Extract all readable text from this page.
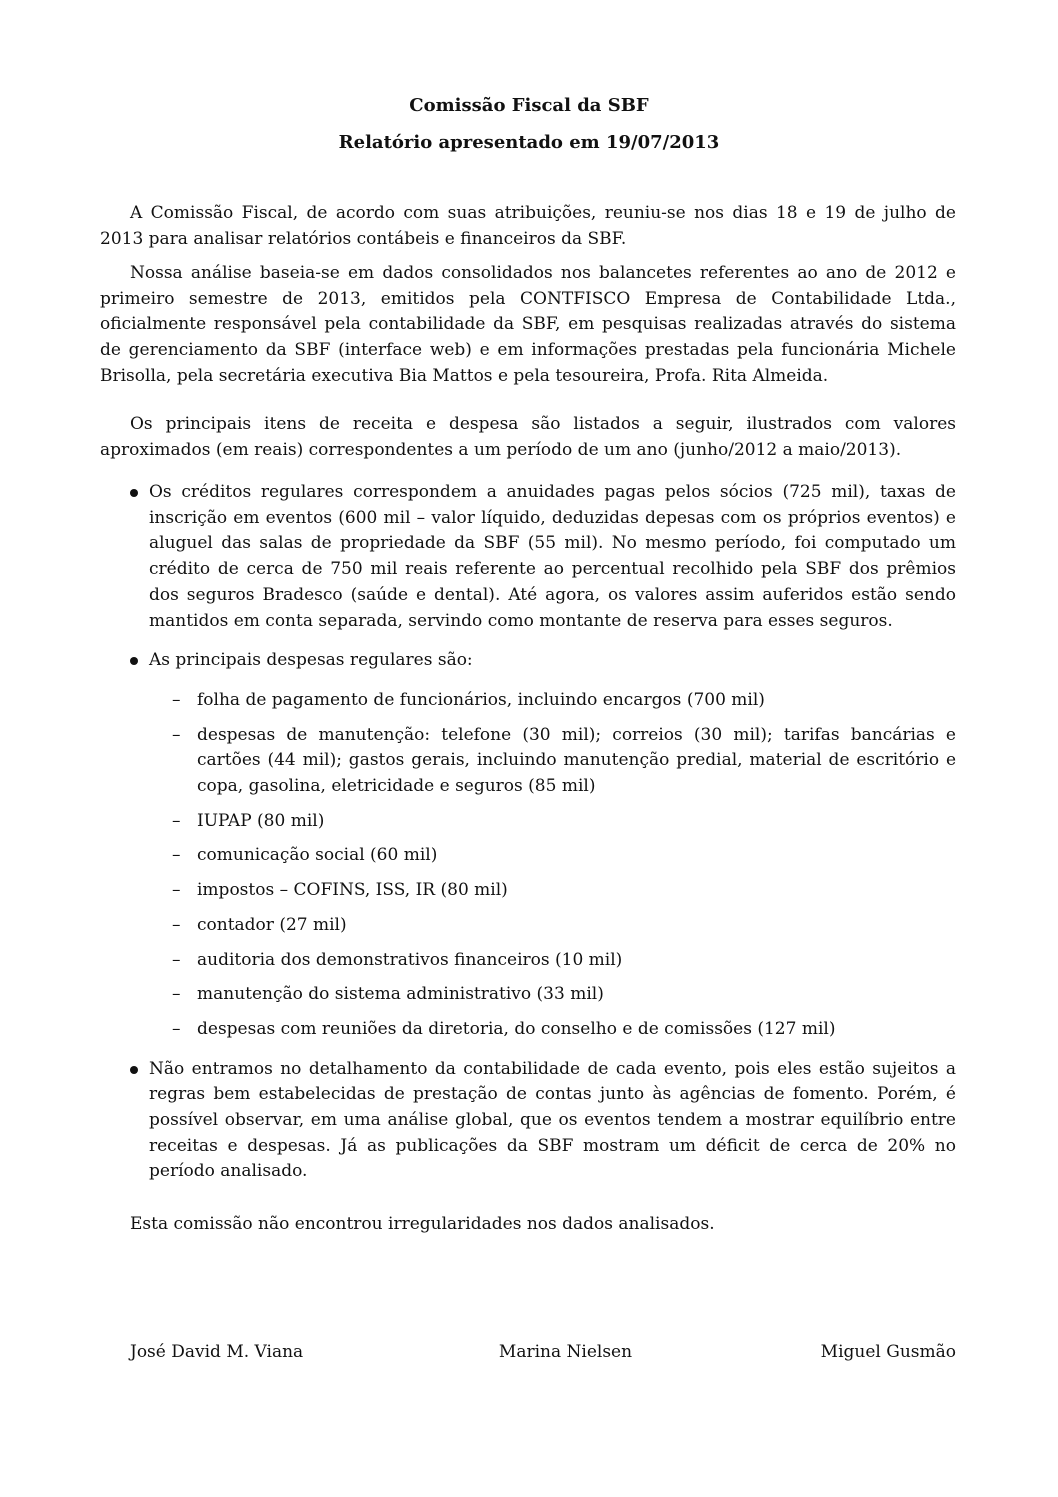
Comissão Fiscal da SBF
Relatório apresentado em 19/07/2013

A Comissão Fiscal, de acordo com suas atribuições, reuniu-se nos dias 18 e 19 de julho de 2013 para analisar relatórios contábeis e financeiros da SBF.

Nossa análise baseia-se em dados consolidados nos balancetes referentes ao ano de 2012 e primeiro semestre de 2013, emitidos pela CONTFISCO Empresa de Contabilidade Ltda., oficialmente responsável pela contabilidade da SBF, em pesquisas realizadas através do sistema de gerenciamento da SBF (interface web) e em informações prestadas pela funcionária Michele Brisolla, pela secretária executiva Bia Mattos e pela tesoureira, Profa. Rita Almeida.

Os principais itens de receita e despesa são listados a seguir, ilustrados com valores aproximados (em reais) correspondentes a um período de um ano (junho/2012 a maio/2013).

Os créditos regulares correspondem a anuidades pagas pelos sócios (725 mil), taxas de inscrição em eventos (600 mil – valor líquido, deduzidas depesas com os próprios eventos) e aluguel das salas de propriedade da SBF (55 mil). No mesmo período, foi computado um crédito de cerca de 750 mil reais referente ao percentual recolhido pela SBF dos prêmios dos seguros Bradesco (saúde e dental). Até agora, os valores assim auferidos estão sendo mantidos em conta separada, servindo como montante de reserva para esses seguros.
As principais despesas regulares são:
– folha de pagamento de funcionários, incluindo encargos (700 mil)
– despesas de manutenção: telefone (30 mil); correios (30 mil); tarifas bancárias e cartões (44 mil); gastos gerais, incluindo manutenção predial, material de escritório e copa, gasolina, eletricidade e seguros (85 mil)
– IUPAP (80 mil)
– comunicação social (60 mil)
– impostos – COFINS, ISS, IR (80 mil)
– contador (27 mil)
– auditoria dos demonstrativos financeiros (10 mil)
– manutenção do sistema administrativo (33 mil)
– despesas com reuniões da diretoria, do conselho e de comissões (127 mil)
Não entramos no detalhamento da contabilidade de cada evento, pois eles estão sujeitos a regras bem estabelecidas de prestação de contas junto às agências de fomento. Porém, é possível observar, em uma análise global, que os eventos tendem a mostrar equilíbrio entre receitas e despesas. Já as publicações da SBF mostram um déficit de cerca de 20% no período analisado.

Esta comissão não encontrou irregularidades nos dados analisados.

José David M. Viana	Marina Nielsen	Miguel Gusmão
